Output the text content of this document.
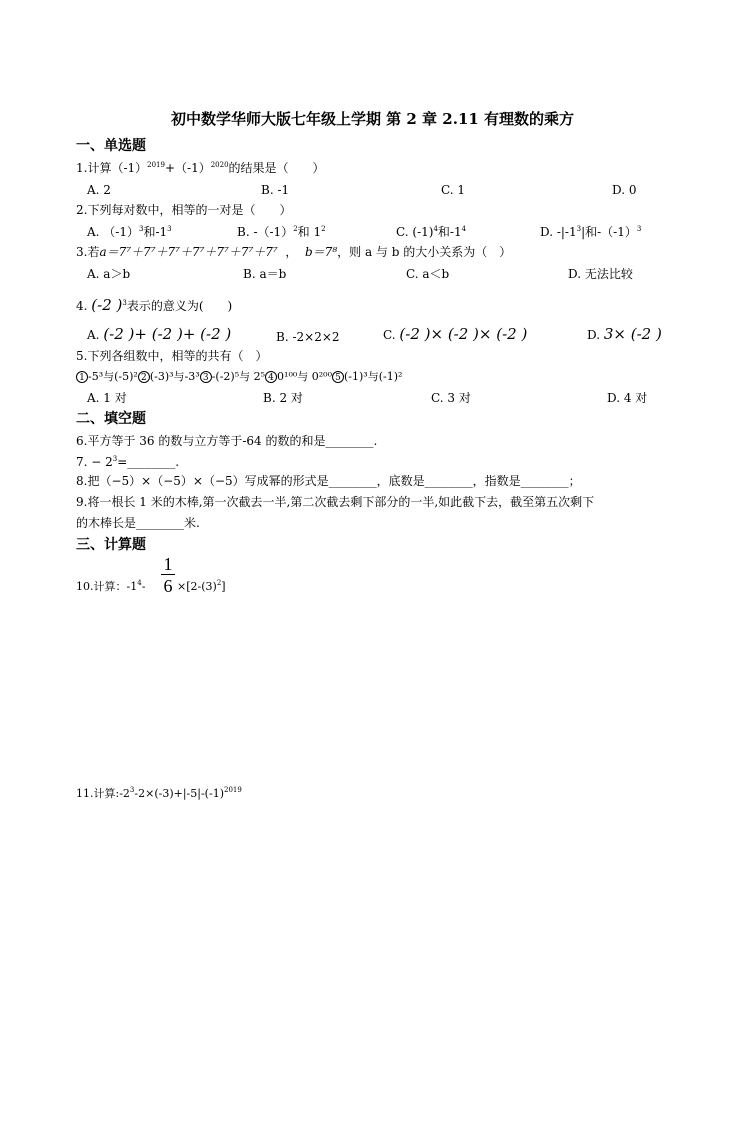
初中数学华师大版七年级上学期 第 2 章 2.11 有理数的乘方
一、单选题
1.计算$(-1)^{2019}+(-1)^{2020}$的结果是（　　）
A. 2	B. -1	C. 1	D. 0
2.下列每对数中，相等的一对是（　　）
A. $(-1)^3$和$-1^3$	B. $-(-1)^2$和 $1^2$	C. $(-1)^4$和$-1^4$	D. $-|-1^3|$和$-(-1)^3$
3.若a＝7⁷＋7⁷＋7⁷＋7⁷＋7⁷＋7⁷＋7⁷  ，  b＝7⁸，则 a 与 b 的大小关系为（　）
A. a＞b	B. a＝b	C. a＜b	D. 无法比较
4. (-2 )$^3$表示的意义为(　　)
A. (-2 )+ (-2 )+ (-2 )	B. -2×2×2	C. (-2 )× (-2 )× (-2 )	D. 3× (-2 )
5.下列各组数中，相等的共有（　）
1 -5³与(-5)² 2 (-3)³与-3³ 3 -(-2)⁵与 2⁵ 4 0¹⁰⁰与 0²⁰⁰ 5 (-1)³与(-1)²
A. 1 对	B. 2 对	C. 3 对	D. 4 对
二、填空题
6.平方等于 36 的数与立方等于-64 的数的和是________.
7. − $2^3=\_\_\_\_\_\_\_\_$.
8.把（−5）×（−5）×（−5）写成幂的形式是________，底数是________，指数是________；
9.将一根长 1 米的木棒,第一次截去一半,第二次截去剩下部分的一半,如此截下去，截至第五次剩下
的木棒长是________米.
三、计算题
1
6
10.计算：$-1^4-$	$\times[2-(3)^2]$
11.计算$:-2^3-2\times(-3)+|-5|-(-1)^{2019}$
